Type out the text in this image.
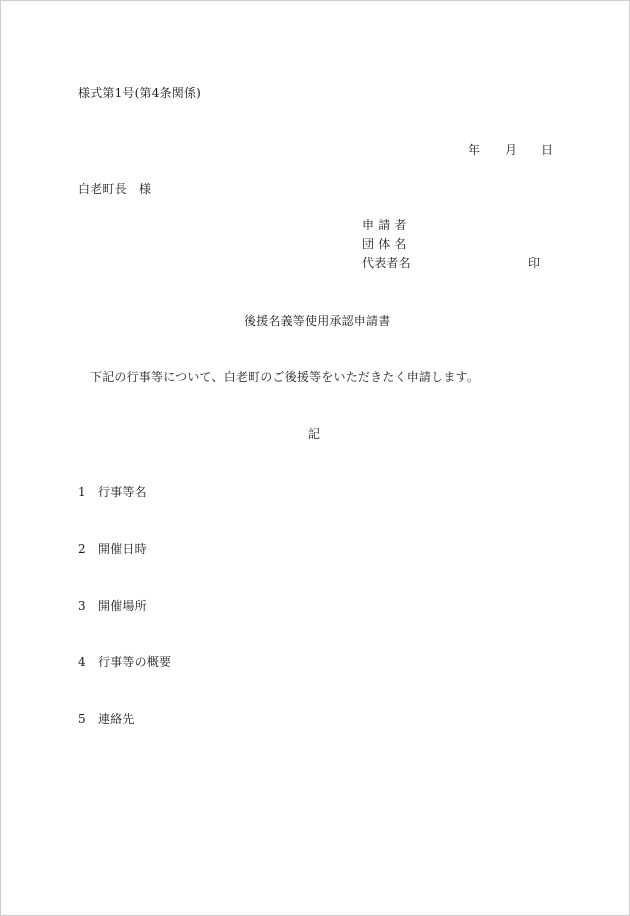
様式第1号(第4条関係)
年 月 日
白老町長　様
申 請 者
団 体 名
代表者名	印
後援名義等使用承認申請書
下記の行事等について、白老町のご後援等をいただきたく申請します。
記
1　行事等名
2　開催日時
3　開催場所
4　行事等の概要
5　連絡先
